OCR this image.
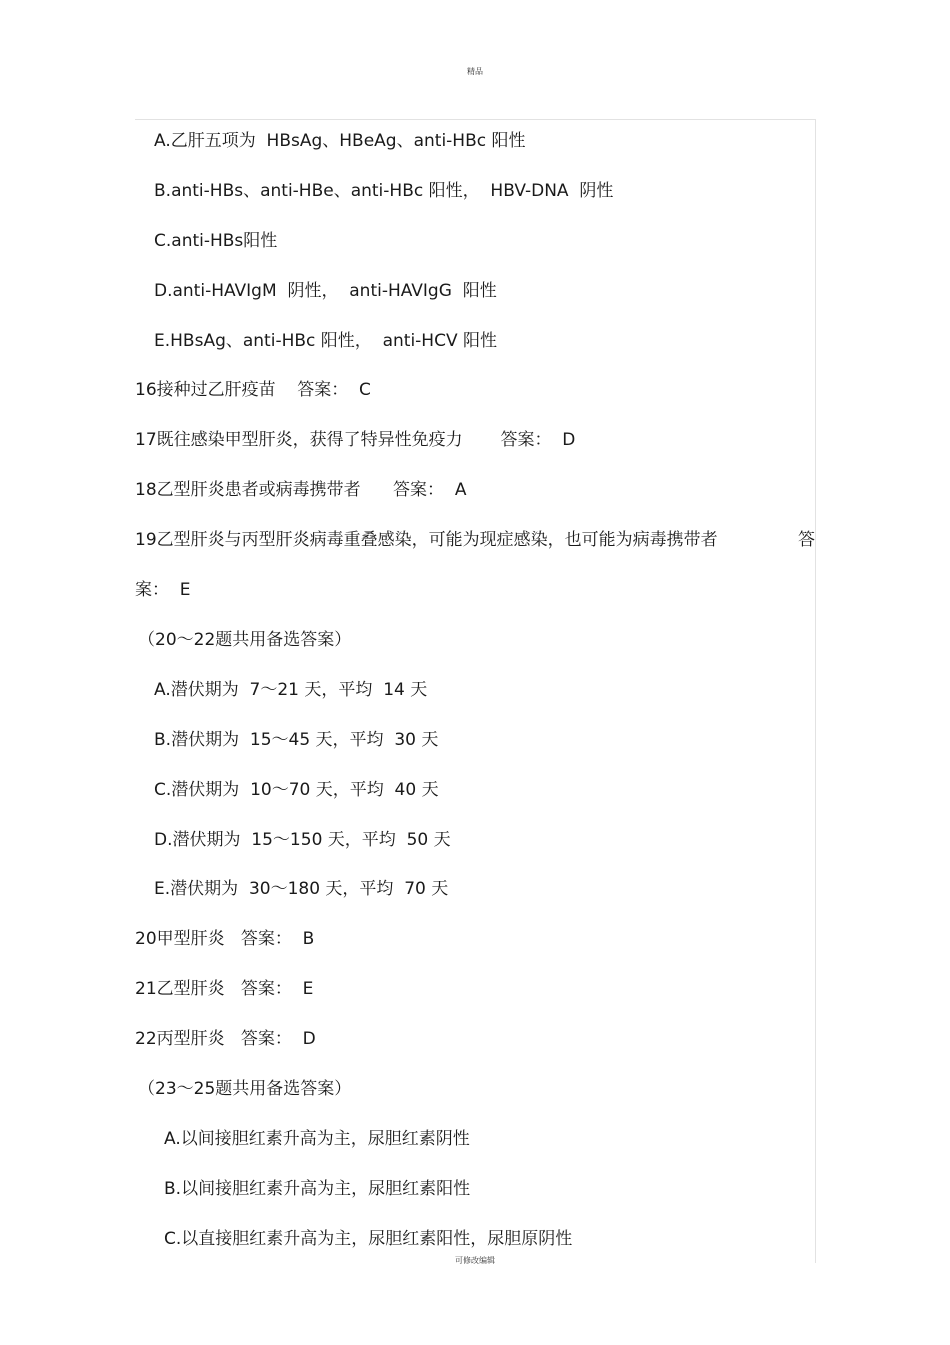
精品
A.乙肝五项为  HBsAg、HBeAg、anti-HBc 阳性
B.anti-HBs、anti-HBe、anti-HBc 阳性，  HBV-DNA  阴性
C.anti-HBs阳性
D.anti-HAVIgM  阴性，  anti-HAVIgG  阳性
E.HBsAg、anti-HBc 阳性，  anti-HCV 阳性
16接种过乙肝疫苗    答案：  C
17既往感染甲型肝炎，获得了特异性免疫力       答案：  D
18乙型肝炎患者或病毒携带者      答案：  A
19乙型肝炎与丙型肝炎病毒重叠感染，可能为现症感染，也可能为病毒携带者	答
案：  E
（20～22题共用备选答案）
A.潜伏期为  7～21 天，平均  14 天
B.潜伏期为  15～45 天，平均  30 天
C.潜伏期为  10～70 天，平均  40 天
D.潜伏期为  15～150 天，平均  50 天
E.潜伏期为  30～180 天，平均  70 天
20甲型肝炎   答案：  B
21乙型肝炎   答案：  E
22丙型肝炎   答案：  D
（23～25题共用备选答案）
A.以间接胆红素升高为主，尿胆红素阴性
B.以间接胆红素升高为主，尿胆红素阳性
C.以直接胆红素升高为主，尿胆红素阳性，尿胆原阴性
可修改编辑
